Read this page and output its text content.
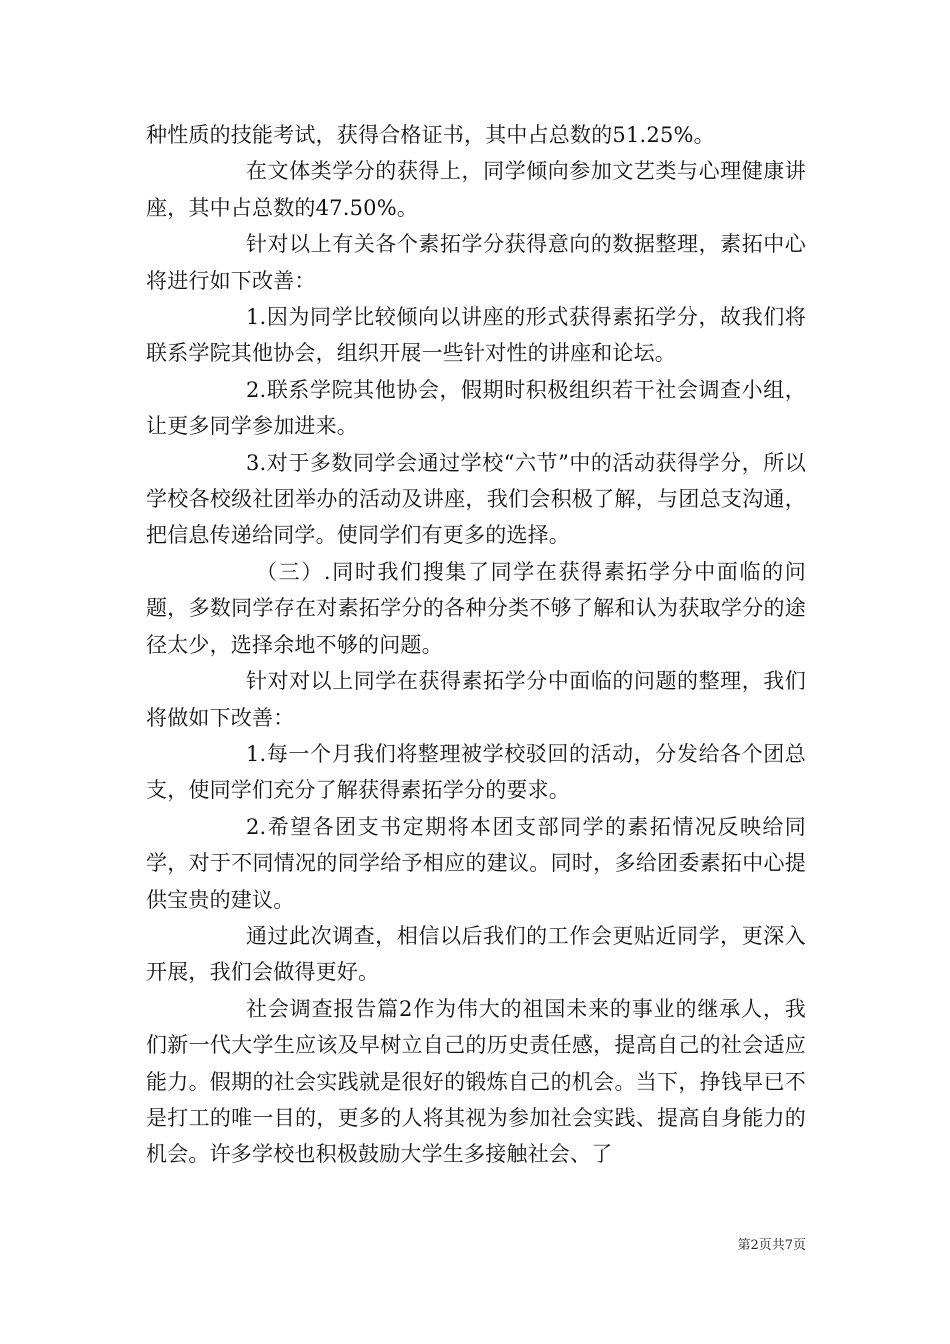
种性质的技能考试，获得合格证书，其中占总数的51.25%。

在文体类学分的获得上，同学倾向参加文艺类与心理健康讲座，其中占总数的47.50%。

针对以上有关各个素拓学分获得意向的数据整理，素拓中心将进行如下改善：

1.因为同学比较倾向以讲座的形式获得素拓学分，故我们将联系学院其他协会，组织开展一些针对性的讲座和论坛。

2.联系学院其他协会，假期时积极组织若干社会调查小组，让更多同学参加进来。

3.对于多数同学会通过学校“六节”中的活动获得学分，所以学校各校级社团举办的活动及讲座，我们会积极了解，与团总支沟通，把信息传递给同学。使同学们有更多的选择。

（三）.同时我们搜集了同学在获得素拓学分中面临的问题，多数同学存在对素拓学分的各种分类不够了解和认为获取学分的途径太少，选择余地不够的问题。

针对对以上同学在获得素拓学分中面临的问题的整理，我们将做如下改善：

1.每一个月我们将整理被学校驳回的活动，分发给各个团总支，使同学们充分了解获得素拓学分的要求。

2.希望各团支书定期将本团支部同学的素拓情况反映给同学，对于不同情况的同学给予相应的建议。同时，多给团委素拓中心提供宝贵的建议。

通过此次调查，相信以后我们的工作会更贴近同学，更深入开展，我们会做得更好。

社会调查报告篇2作为伟大的祖国未来的事业的继承人，我们新一代大学生应该及早树立自己的历史责任感，提高自己的社会适应能力。假期的社会实践就是很好的锻炼自己的机会。当下，挣钱早已不是打工的唯一目的，更多的人将其视为参加社会实践、提高自身能力的机会。许多学校也积极鼓励大学生多接触社会、了

第2页共7页
